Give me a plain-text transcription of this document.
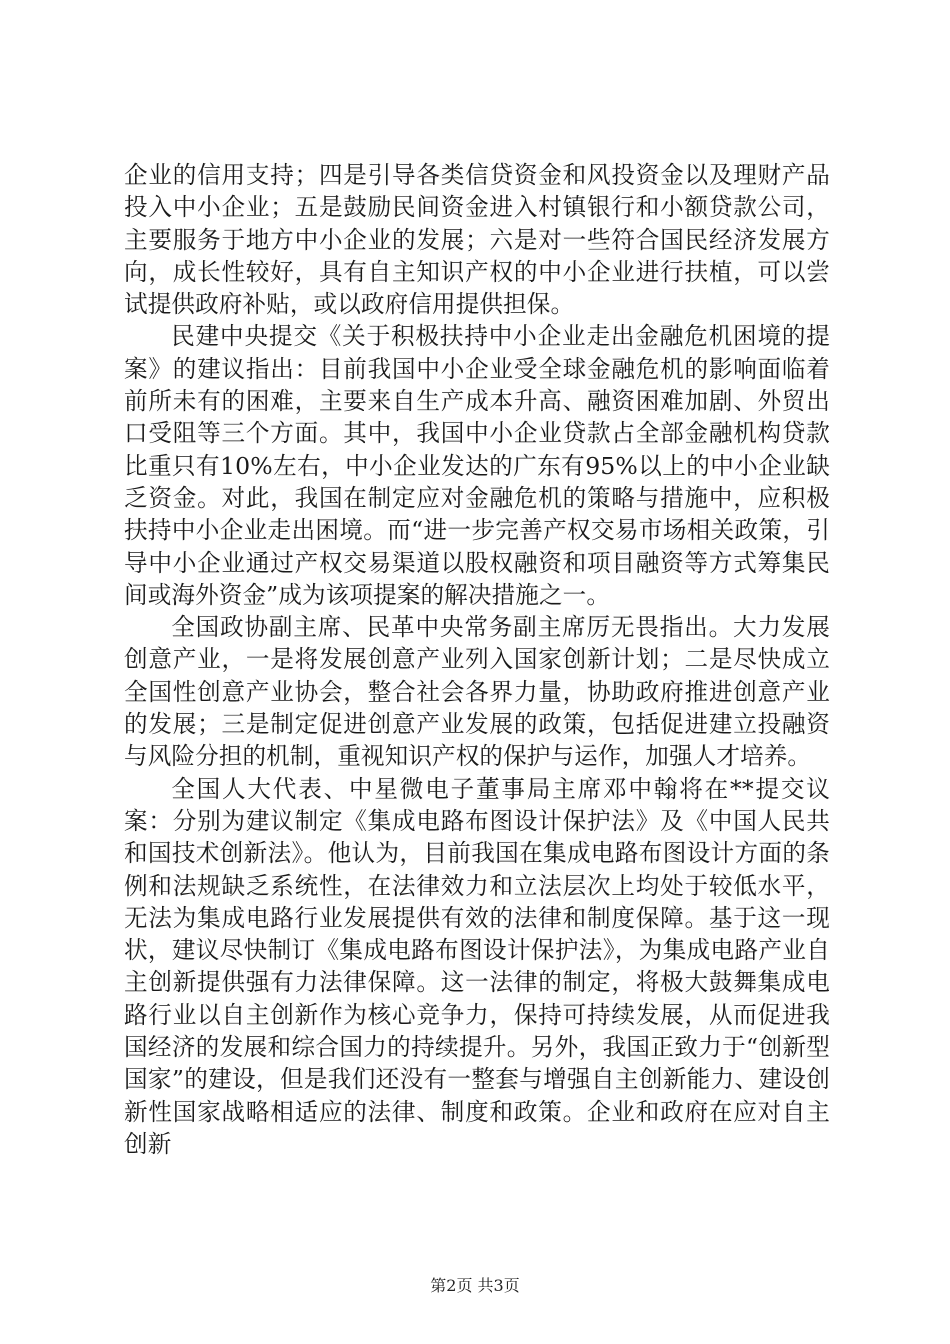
企业的信用支持；四是引导各类信贷资金和风投资金以及理财产品投入中小企业；五是鼓励民间资金进入村镇银行和小额贷款公司，主要服务于地方中小企业的发展；六是对一些符合国民经济发展方向，成长性较好，具有自主知识产权的中小企业进行扶植，可以尝试提供政府补贴，或以政府信用提供担保。

民建中央提交《关于积极扶持中小企业走出金融危机困境的提案》的建议指出：目前我国中小企业受全球金融危机的影响面临着前所未有的困难，主要来自生产成本升高、融资困难加剧、外贸出口受阻等三个方面。其中，我国中小企业贷款占全部金融机构贷款比重只有10%左右，中小企业发达的广东有95%以上的中小企业缺乏资金。对此，我国在制定应对金融危机的策略与措施中，应积极扶持中小企业走出困境。而“进一步完善产权交易市场相关政策，引导中小企业通过产权交易渠道以股权融资和项目融资等方式筹集民间或海外资金”成为该项提案的解决措施之一。

全国政协副主席、民革中央常务副主席厉无畏指出。大力发展创意产业，一是将发展创意产业列入国家创新计划；二是尽快成立全国性创意产业协会，整合社会各界力量，协助政府推进创意产业的发展；三是制定促进创意产业发展的政策，包括促进建立投融资与风险分担的机制，重视知识产权的保护与运作，加强人才培养。

全国人大代表、中星微电子董事局主席邓中翰将在**提交议案：分别为建议制定《集成电路布图设计保护法》及《中国人民共和国技术创新法》。他认为，目前我国在集成电路布图设计方面的条例和法规缺乏系统性，在法律效力和立法层次上均处于较低水平，无法为集成电路行业发展提供有效的法律和制度保障。基于这一现状，建议尽快制订《集成电路布图设计保护法》，为集成电路产业自主创新提供强有力法律保障。这一法律的制定，将极大鼓舞集成电路行业以自主创新作为核心竞争力，保持可持续发展，从而促进我国经济的发展和综合国力的持续提升。另外，我国正致力于“创新型国家”的建设，但是我们还没有一整套与增强自主创新能力、建设创新性国家战略相适应的法律、制度和政策。企业和政府在应对自主创新

第2页 共3页
